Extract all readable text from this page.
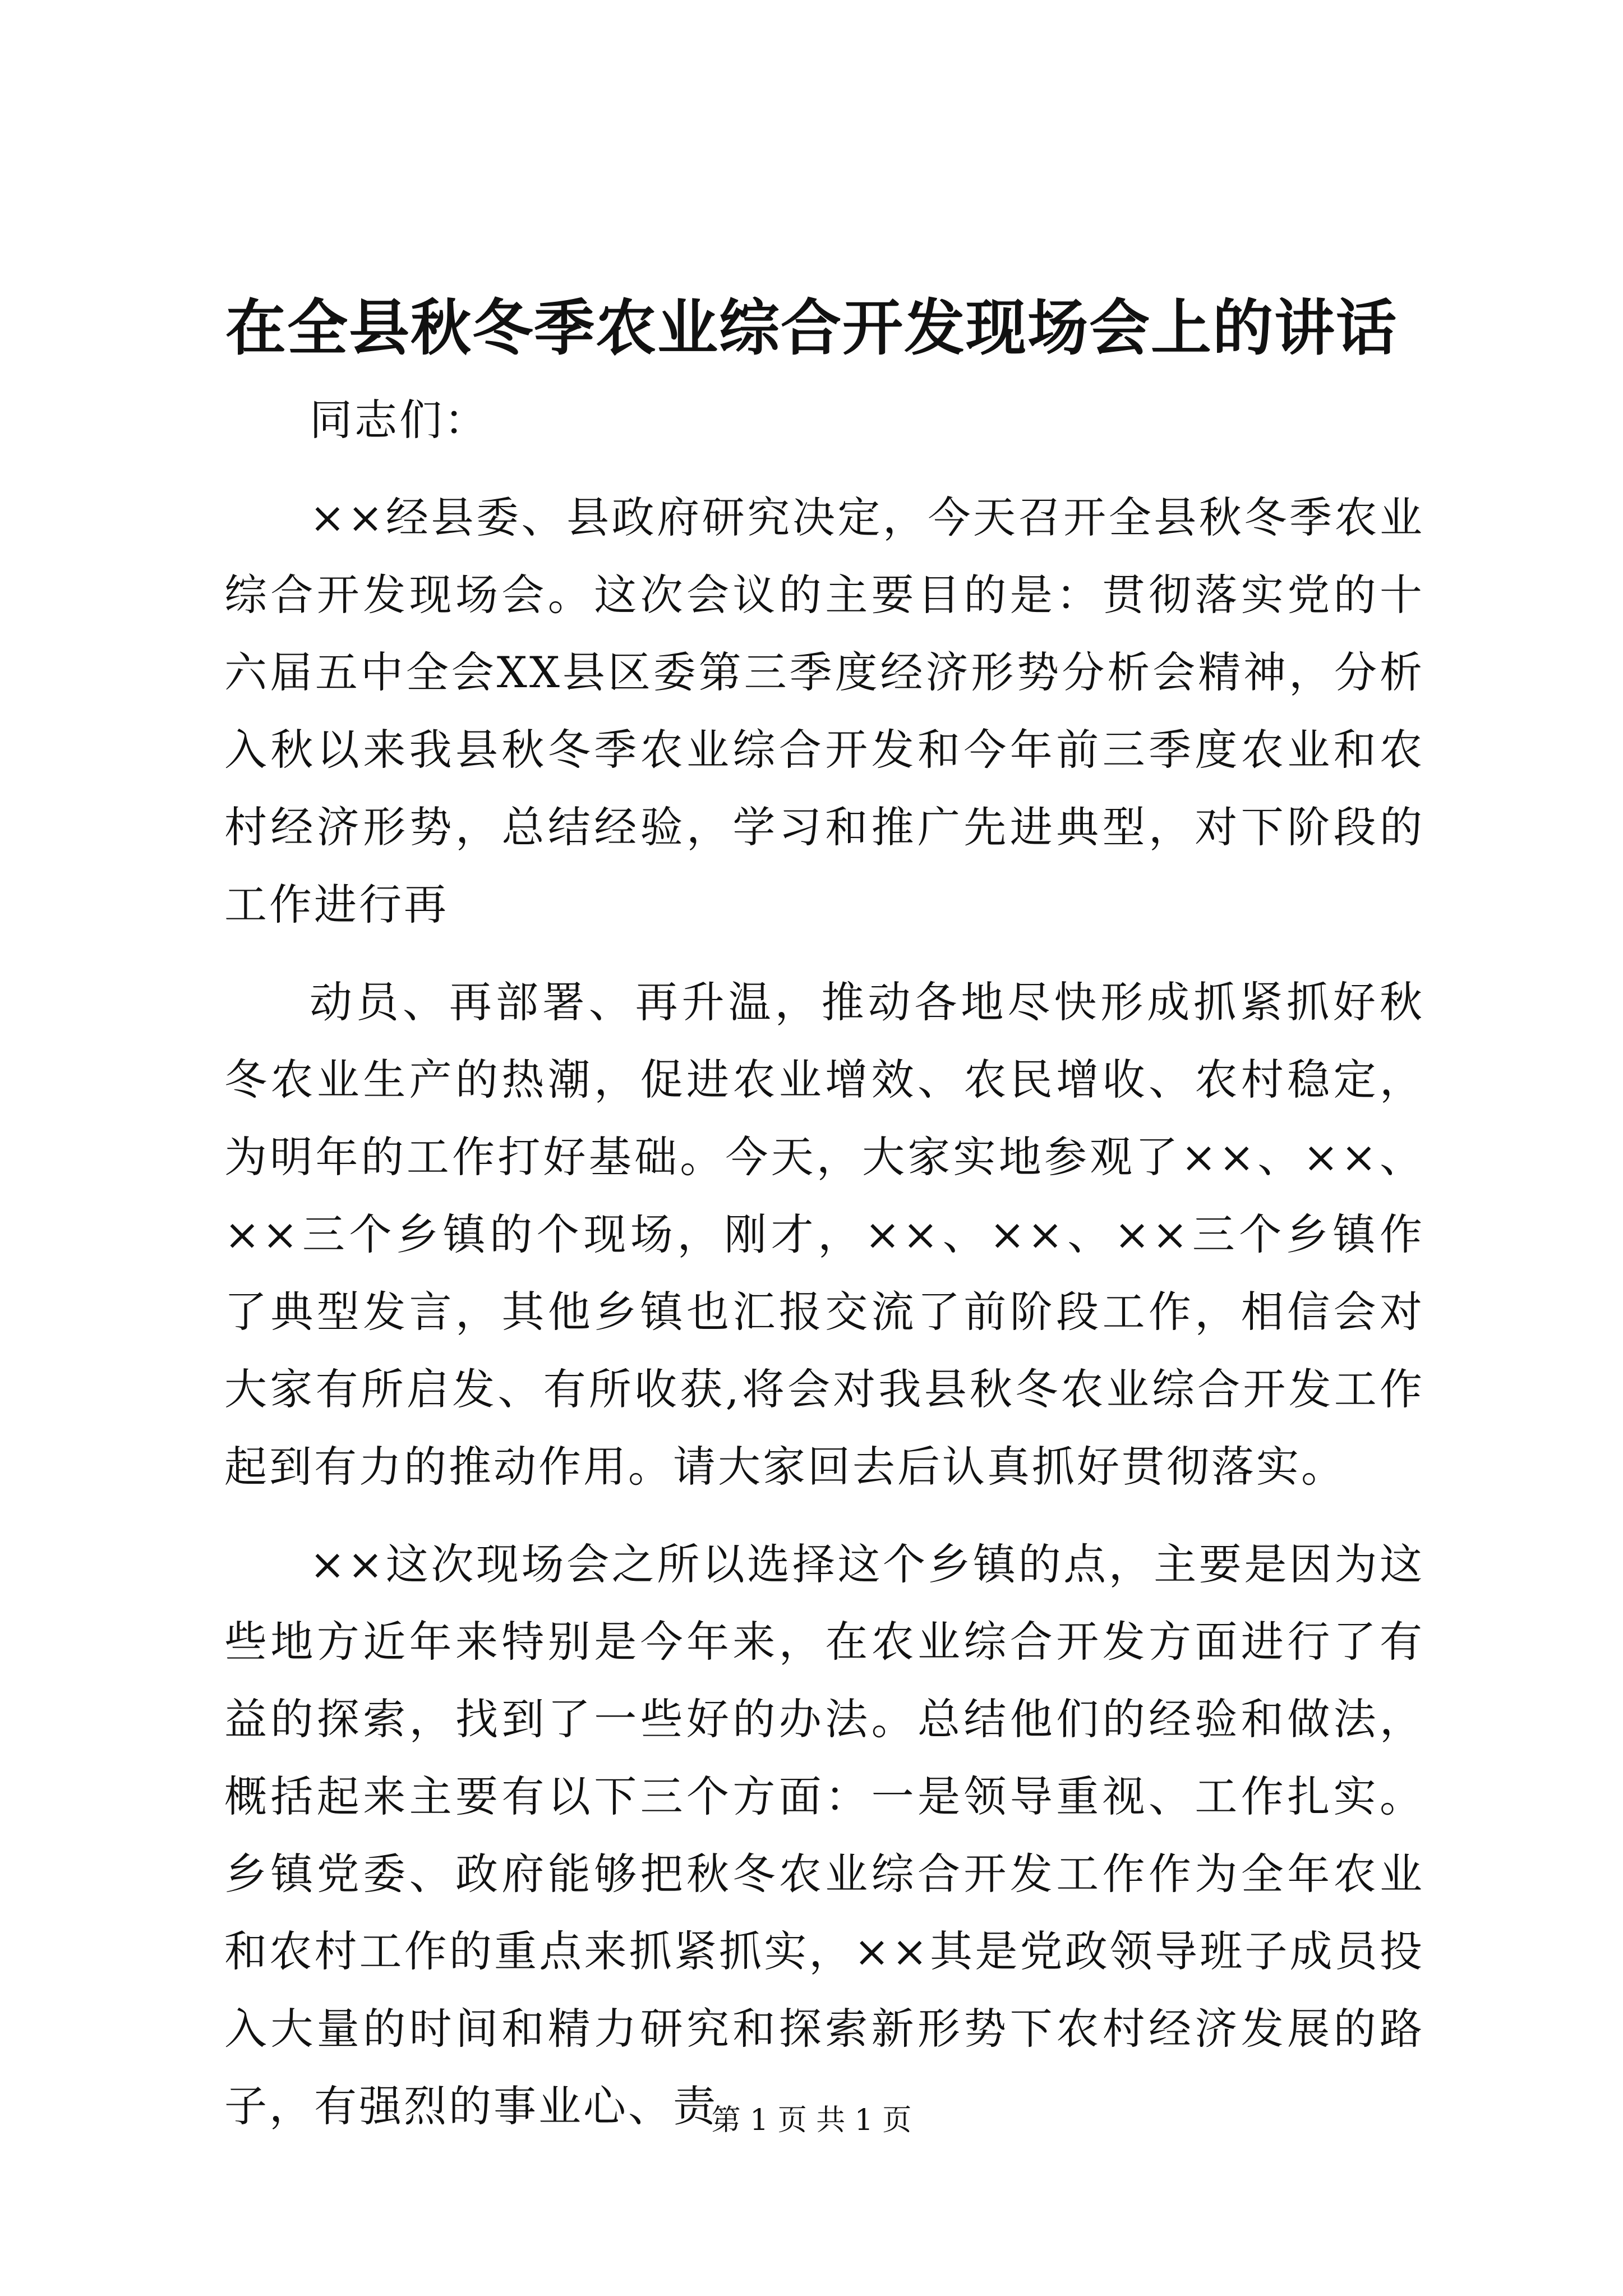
在全县秋冬季农业综合开发现场会上的讲话

同志们：

××经县委、县政府研究决定，今天召开全县秋冬季农业综合开发现场会。这次会议的主要目的是：贯彻落实党的十六届五中全会XX县区委第三季度经济形势分析会精神，分析入秋以来我县秋冬季农业综合开发和今年前三季度农业和农村经济形势，总结经验，学习和推广先进典型，对下阶段的工作进行再

动员、再部署、再升温，推动各地尽快形成抓紧抓好秋冬农业生产的热潮，促进农业增效、农民增收、农村稳定，为明年的工作打好基础。今天，大家实地参观了××、××、××三个乡镇的个现场，刚才，××、××、××三个乡镇作了典型发言，其他乡镇也汇报交流了前阶段工作，相信会对大家有所启发、有所收获,将会对我县秋冬农业综合开发工作起到有力的推动作用。请大家回去后认真抓好贯彻落实。

××这次现场会之所以选择这个乡镇的点，主要是因为这些地方近年来特别是今年来，在农业综合开发方面进行了有益的探索，找到了一些好的办法。总结他们的经验和做法，概括起来主要有以下三个方面：一是领导重视、工作扎实。乡镇党委、政府能够把秋冬农业综合开发工作作为全年农业和农村工作的重点来抓紧抓实，××其是党政领导班子成员投入大量的时间和精力研究和探索新形势下农村经济发展的路子，有强烈的事业心、责

第 1 页 共 1 页
